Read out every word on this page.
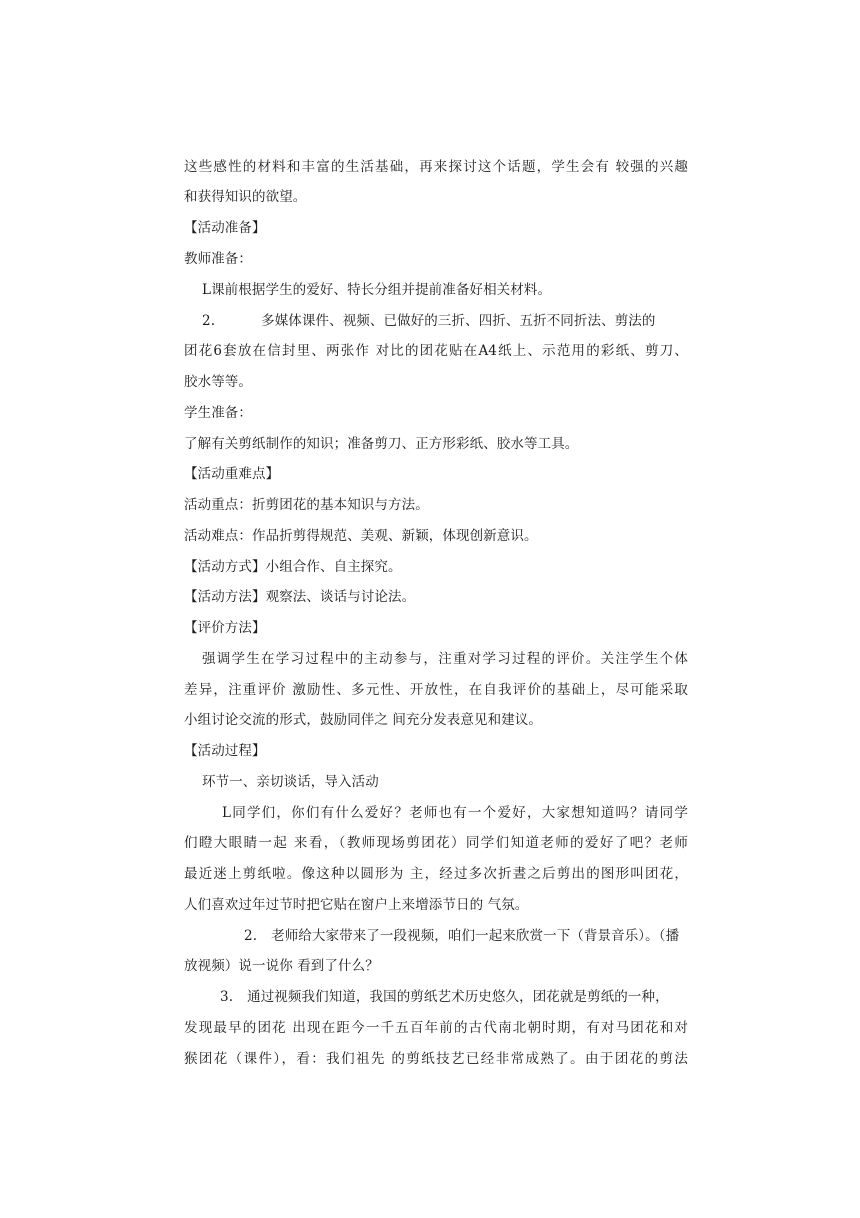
这些感性的材料和丰富的生活基础，再来探讨这个话题，学生会有 较强的兴趣
和获得知识的欲望。
【活动准备】
教师准备：
L课前根据学生的爱好、特长分组并提前准备好相关材料。
2.	多媒体课件、视频、已做好的三折、四折、五折不同折法、剪法的
团花6套放在信封里、两张作 对比的团花贴在A4纸上、示范用的彩纸、剪刀、
胶水等等。
学生准备：
了解有关剪纸制作的知识；准备剪刀、正方形彩纸、胶水等工具。
【活动重难点】
活动重点：折剪团花的基本知识与方法。
活动难点：作品折剪得规范、美观、新颖，体现创新意识。
【活动方式】小组合作、自主探究。
【活动方法】观察法、谈话与讨论法。
【评价方法】
强调学生在学习过程中的主动参与，注重对学习过程的评价。关注学生个体
差异，注重评价 激励性、多元性、开放性，在自我评价的基础上，尽可能采取
小组讨论交流的形式，鼓励同伴之 间充分发表意见和建议。
【活动过程】
环节一、亲切谈话，导入活动
L同学们，你们有什么爱好？老师也有一个爱好，大家想知道吗？请同学
们瞪大眼睛一起 来看，（教师现场剪团花）同学们知道老师的爱好了吧？老师
最近迷上剪纸啦。像这种以圆形为 主，经过多次折晝之后剪出的图形叫团花，
人们喜欢过年过节时把它贴在窗户上来增添节日的 气氛。
2. 老师给大家带来了一段视频，咱们一起来欣赏一下（背景音乐）。（播
放视频）说一说你 看到了什么？
3. 通过视频我们知道，我国的剪纸艺术历史悠久，团花就是剪纸的一种，
发现最早的团花 出现在距今一千五百年前的古代南北朝时期，有对马团花和对
猴团花（课件），看：我们祖先 的剪纸技艺已经非常成熟了。由于团花的剪法
